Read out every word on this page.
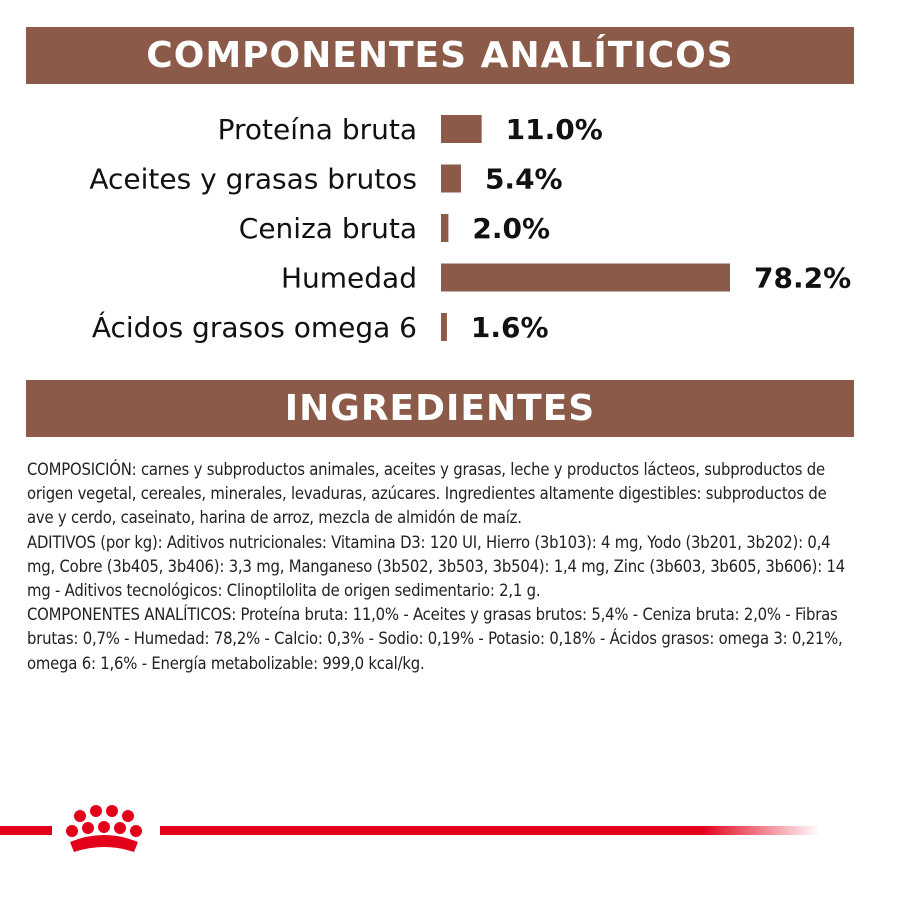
COMPONENTES ANALÍTICOS
Proteína bruta	11.0%
Aceites y grasas brutos 5.4%
Ceniza bruta 2.0%
Humedad	78.2%
Ácidos grasos omega 6 1.6%
INGREDIENTES

COMPOSICIÓN: carnes y subproductos animales, aceites y grasas, leche y productos lácteos, subproductos de origen vegetal, cereales, minerales, levaduras, azúcares. Ingredientes altamente digestibles: subproductos de ave y cerdo, caseinato, harina de arroz, mezcla de almidón de maíz.

ADITIVOS (por kg): Aditivos nutricionales: Vitamina D3: 120 UI, Hierro (3b103): 4 mg, Yodo (3b201, 3b202): 0,4 mg, Cobre (3b405, 3b406): 3,3 mg, Manganeso (3b502, 3b503, 3b504): 1,4 mg, Zinc (3b603, 3b605, 3b606): 14 mg - Aditivos tecnológicos: Clinoptilolita de origen sedimentario: 2,1 g.

COMPONENTES ANALÍTICOS: Proteína bruta: 11,0% - Aceites y grasas brutos: 5,4% - Ceniza bruta: 2,0% - Fibras brutas: 0,7% - Humedad: 78,2% - Calcio: 0,3% - Sodio: 0,19% - Potasio: 0,18% - Ácidos grasos: omega 3: 0,21%, omega 6: 1,6% - Energía metabolizable: 999,0 kcal/kg.
